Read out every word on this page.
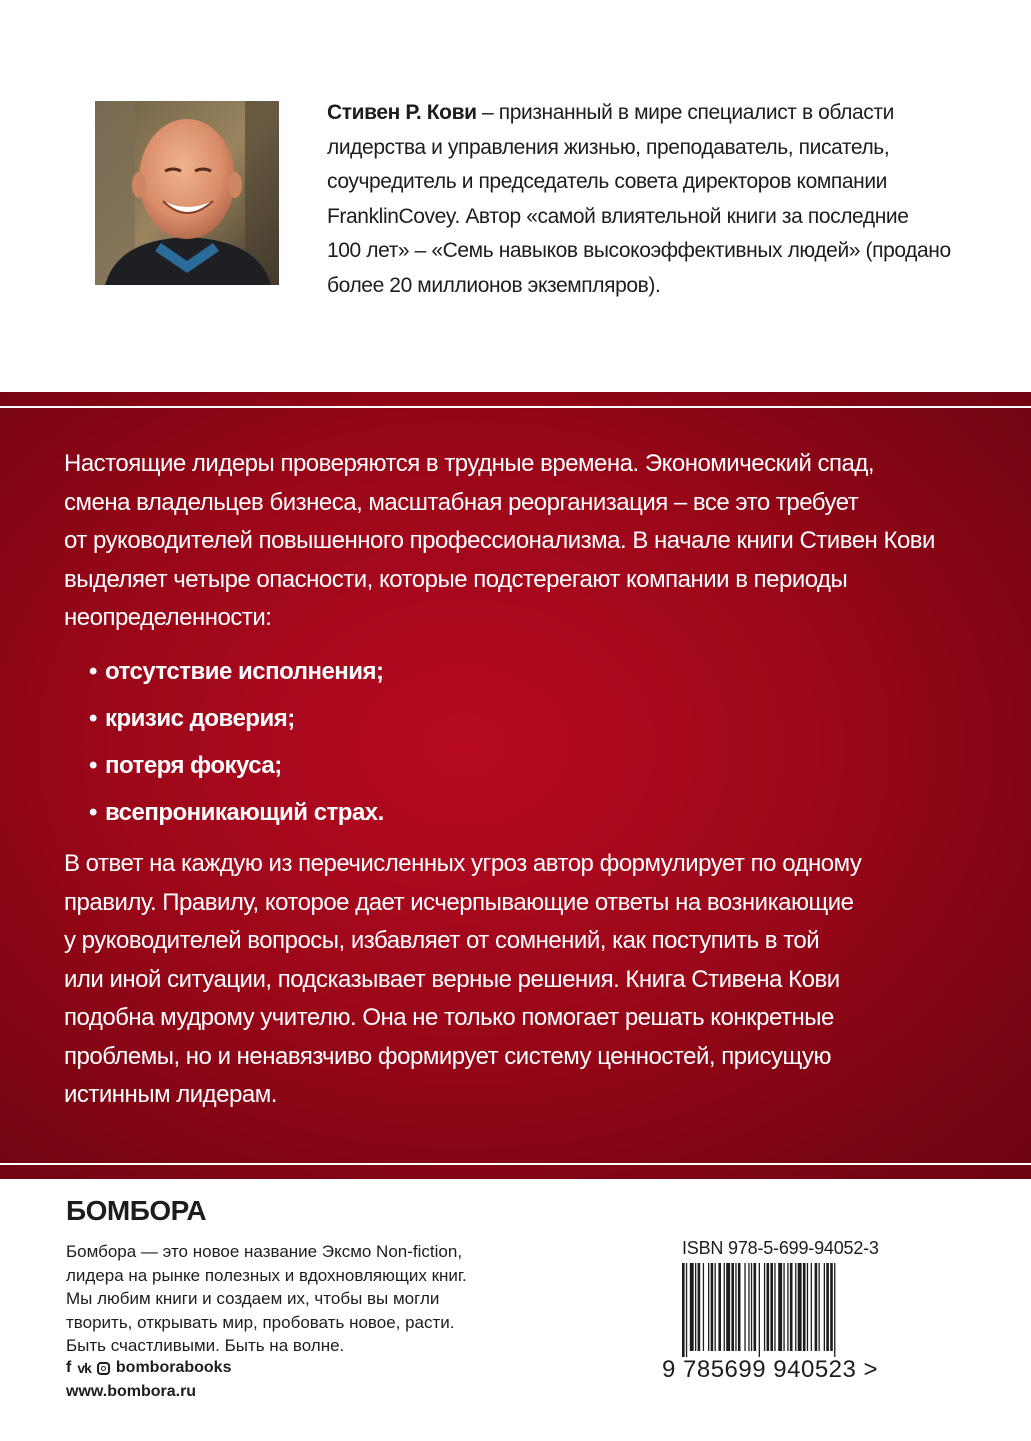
Стивен Р. Кови – признанный в мире специалист в области
лидерства и управления жизнью, преподаватель, писатель,
соучредитель и председатель совета директоров компании
FranklinCovey. Автор «самой влиятельной книги за последние
100 лет» – «Семь навыков высокоэффективных людей» (продано
более 20 миллионов экземпляров).
Настоящие лидеры проверяются в трудные времена. Экономический спад,
смена владельцев бизнеса, масштабная реорганизация – все это требует
от руководителей повышенного профессионализма. В начале книги Стивен Кови
выделяет четыре опасности, которые подстерегают компании в периоды
неопределенности:
• отсутствие исполнения;
• кризис доверия;
• потеря фокуса;
• всепроникающий страх.
В ответ на каждую из перечисленных угроз автор формулирует по одному
правилу. Правилу, которое дает исчерпывающие ответы на возникающие
у руководителей вопросы, избавляет от сомнений, как поступить в той
или иной ситуации, подсказывает верные решения. Книга Стивена Кови
подобна мудрому учителю. Она не только помогает решать конкретные
проблемы, но и ненавязчиво формирует систему ценностей, присущую
истинным лидерам.
БОМБОРА
Бомбора — это новое название Эксмо Non-fiction,
лидера на рынке полезных и вдохновляющих книг.
Мы любим книги и создаем их, чтобы вы могли
творить, открывать мир, пробовать новое, расти.
Быть счастливыми. Быть на волне.
f vk bomborabooks
www.bombora.ru
ISBN 978-5-699-94052-3
9 785699 940523 >
